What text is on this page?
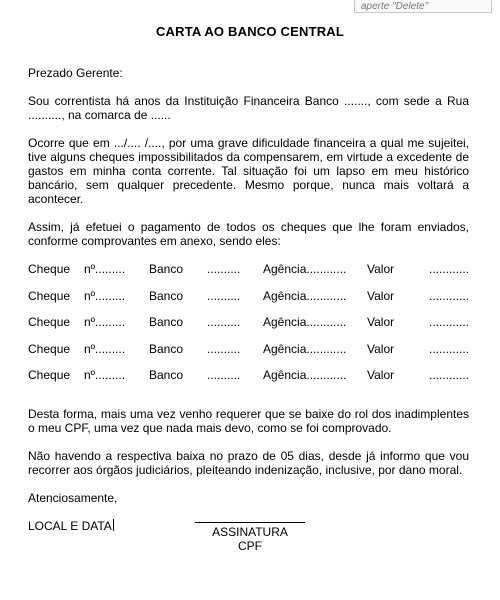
aperte "Delete"
CARTA AO BANCO CENTRAL

Prezado Gerente:

Sou correntista há anos da Instituição Financeira Banco ......., com sede a Rua .........., na comarca de ......

Ocorre que em .../.... /...., por uma grave dificuldade financeira a qual me sujeitei, tive alguns cheques impossibilitados da compensarem, em virtude a excedente de gastos em minha conta corrente. Tal situação foi um lapso em meu histórico bancário, sem qualquer precedente. Mesmo porque, nunca mais voltará a acontecer.

Assim, já efetuei o pagamento de todos os cheques que lhe foram enviados, conforme comprovantes em anexo, sendo eles:

Cheque	nº.........	Banco	..........	Agência............	Valor	............
Cheque	nº.........	Banco	..........	Agência............	Valor	............
Cheque	nº.........	Banco	..........	Agência............	Valor	............
Cheque	nº.........	Banco	..........	Agência............	Valor	............
Cheque	nº.........	Banco	..........	Agência............	Valor	............

Desta forma, mais uma vez venho requerer que se baixe do rol dos inadimplentes o meu CPF, uma vez que nada mais devo, como se foi comprovado.

Não havendo a respectiva baixa no prazo de 05 dias, desde já informo que vou recorrer aos órgãos judiciários, pleiteando indenização, inclusive, por dano moral.

Atenciosamente,

LOCAL E DATA	ASSINATURA
CPF
